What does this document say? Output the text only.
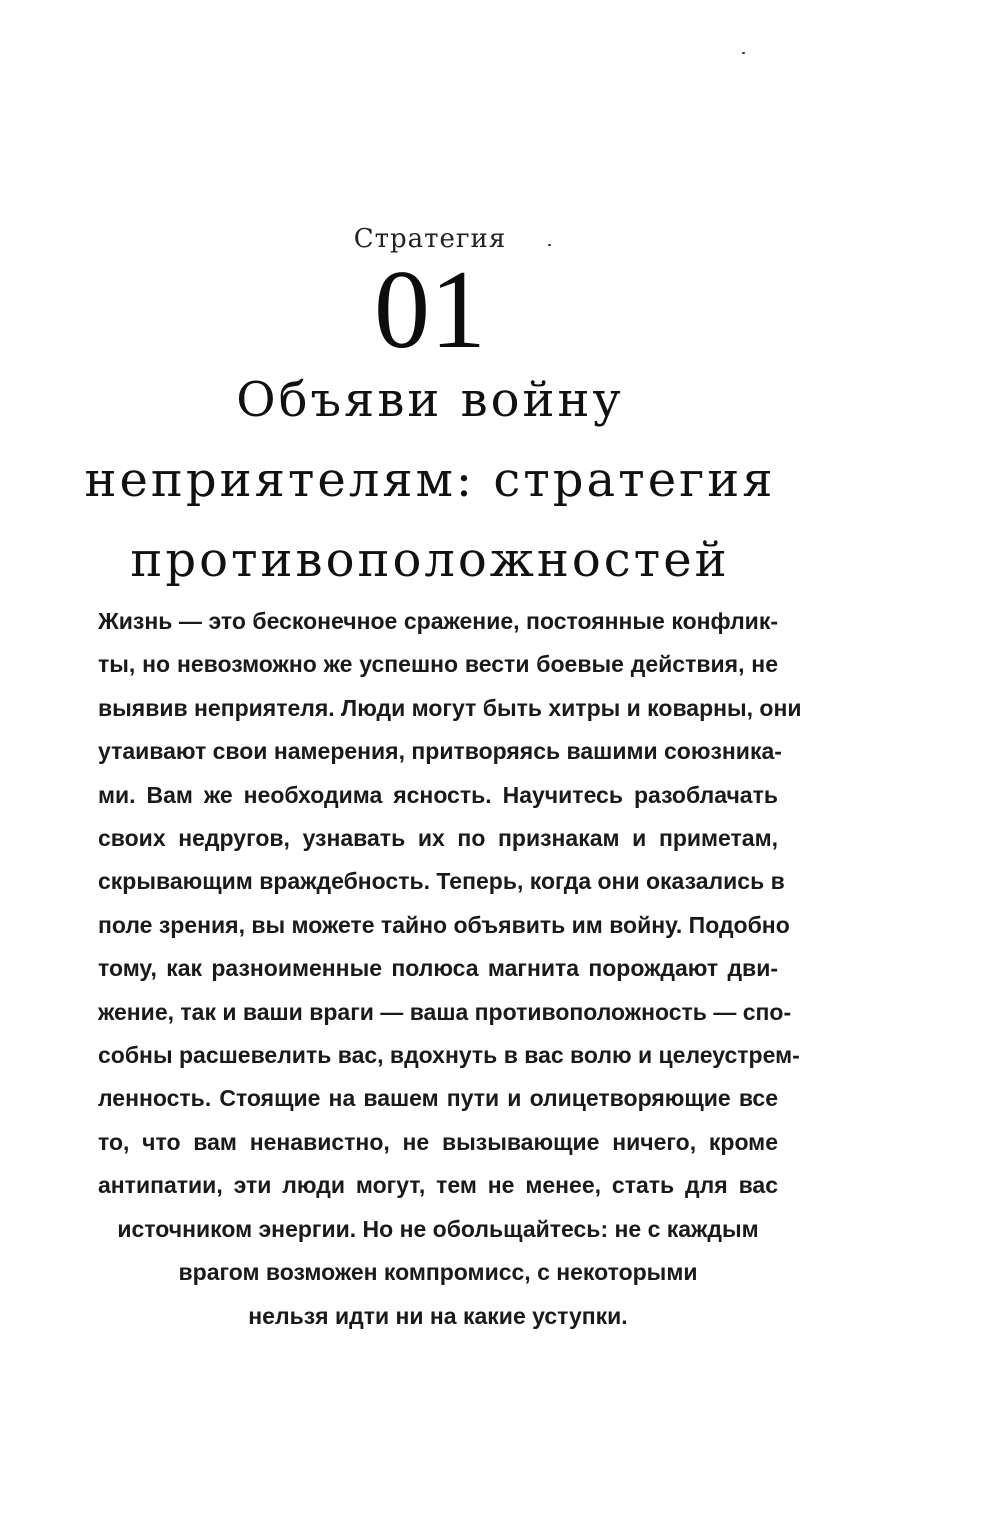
Стратегия
01
Объяви войну
неприятелям: стратегия
противоположностей
Жизнь — это бесконечное сражение, постоянные конфлик-
ты, но невозможно же успешно вести боевые действия, не
выявив неприятеля. Люди могут быть хитры и коварны, они
утаивают свои намерения, притворяясь вашими союзника-
ми. Вам же необходима ясность. Научитесь разоблачать
своих недругов, узнавать их по признакам и приметам,
скрывающим враждебность. Теперь, когда они оказались в
поле зрения, вы можете тайно объявить им войну. Подобно
тому, как разноименные полюса магнита порождают дви-
жение, так и ваши враги — ваша противоположность — спо-
собны расшевелить вас, вдохнуть в вас волю и целеустрем-
ленность. Стоящие на вашем пути и олицетворяющие все
то, что вам ненавистно, не вызывающие ничего, кроме
антипатии, эти люди могут, тем не менее, стать для вас
источником энергии. Но не обольщайтесь: не с каждым
врагом возможен компромисс, с некоторыми
нельзя идти ни на какие уступки.
